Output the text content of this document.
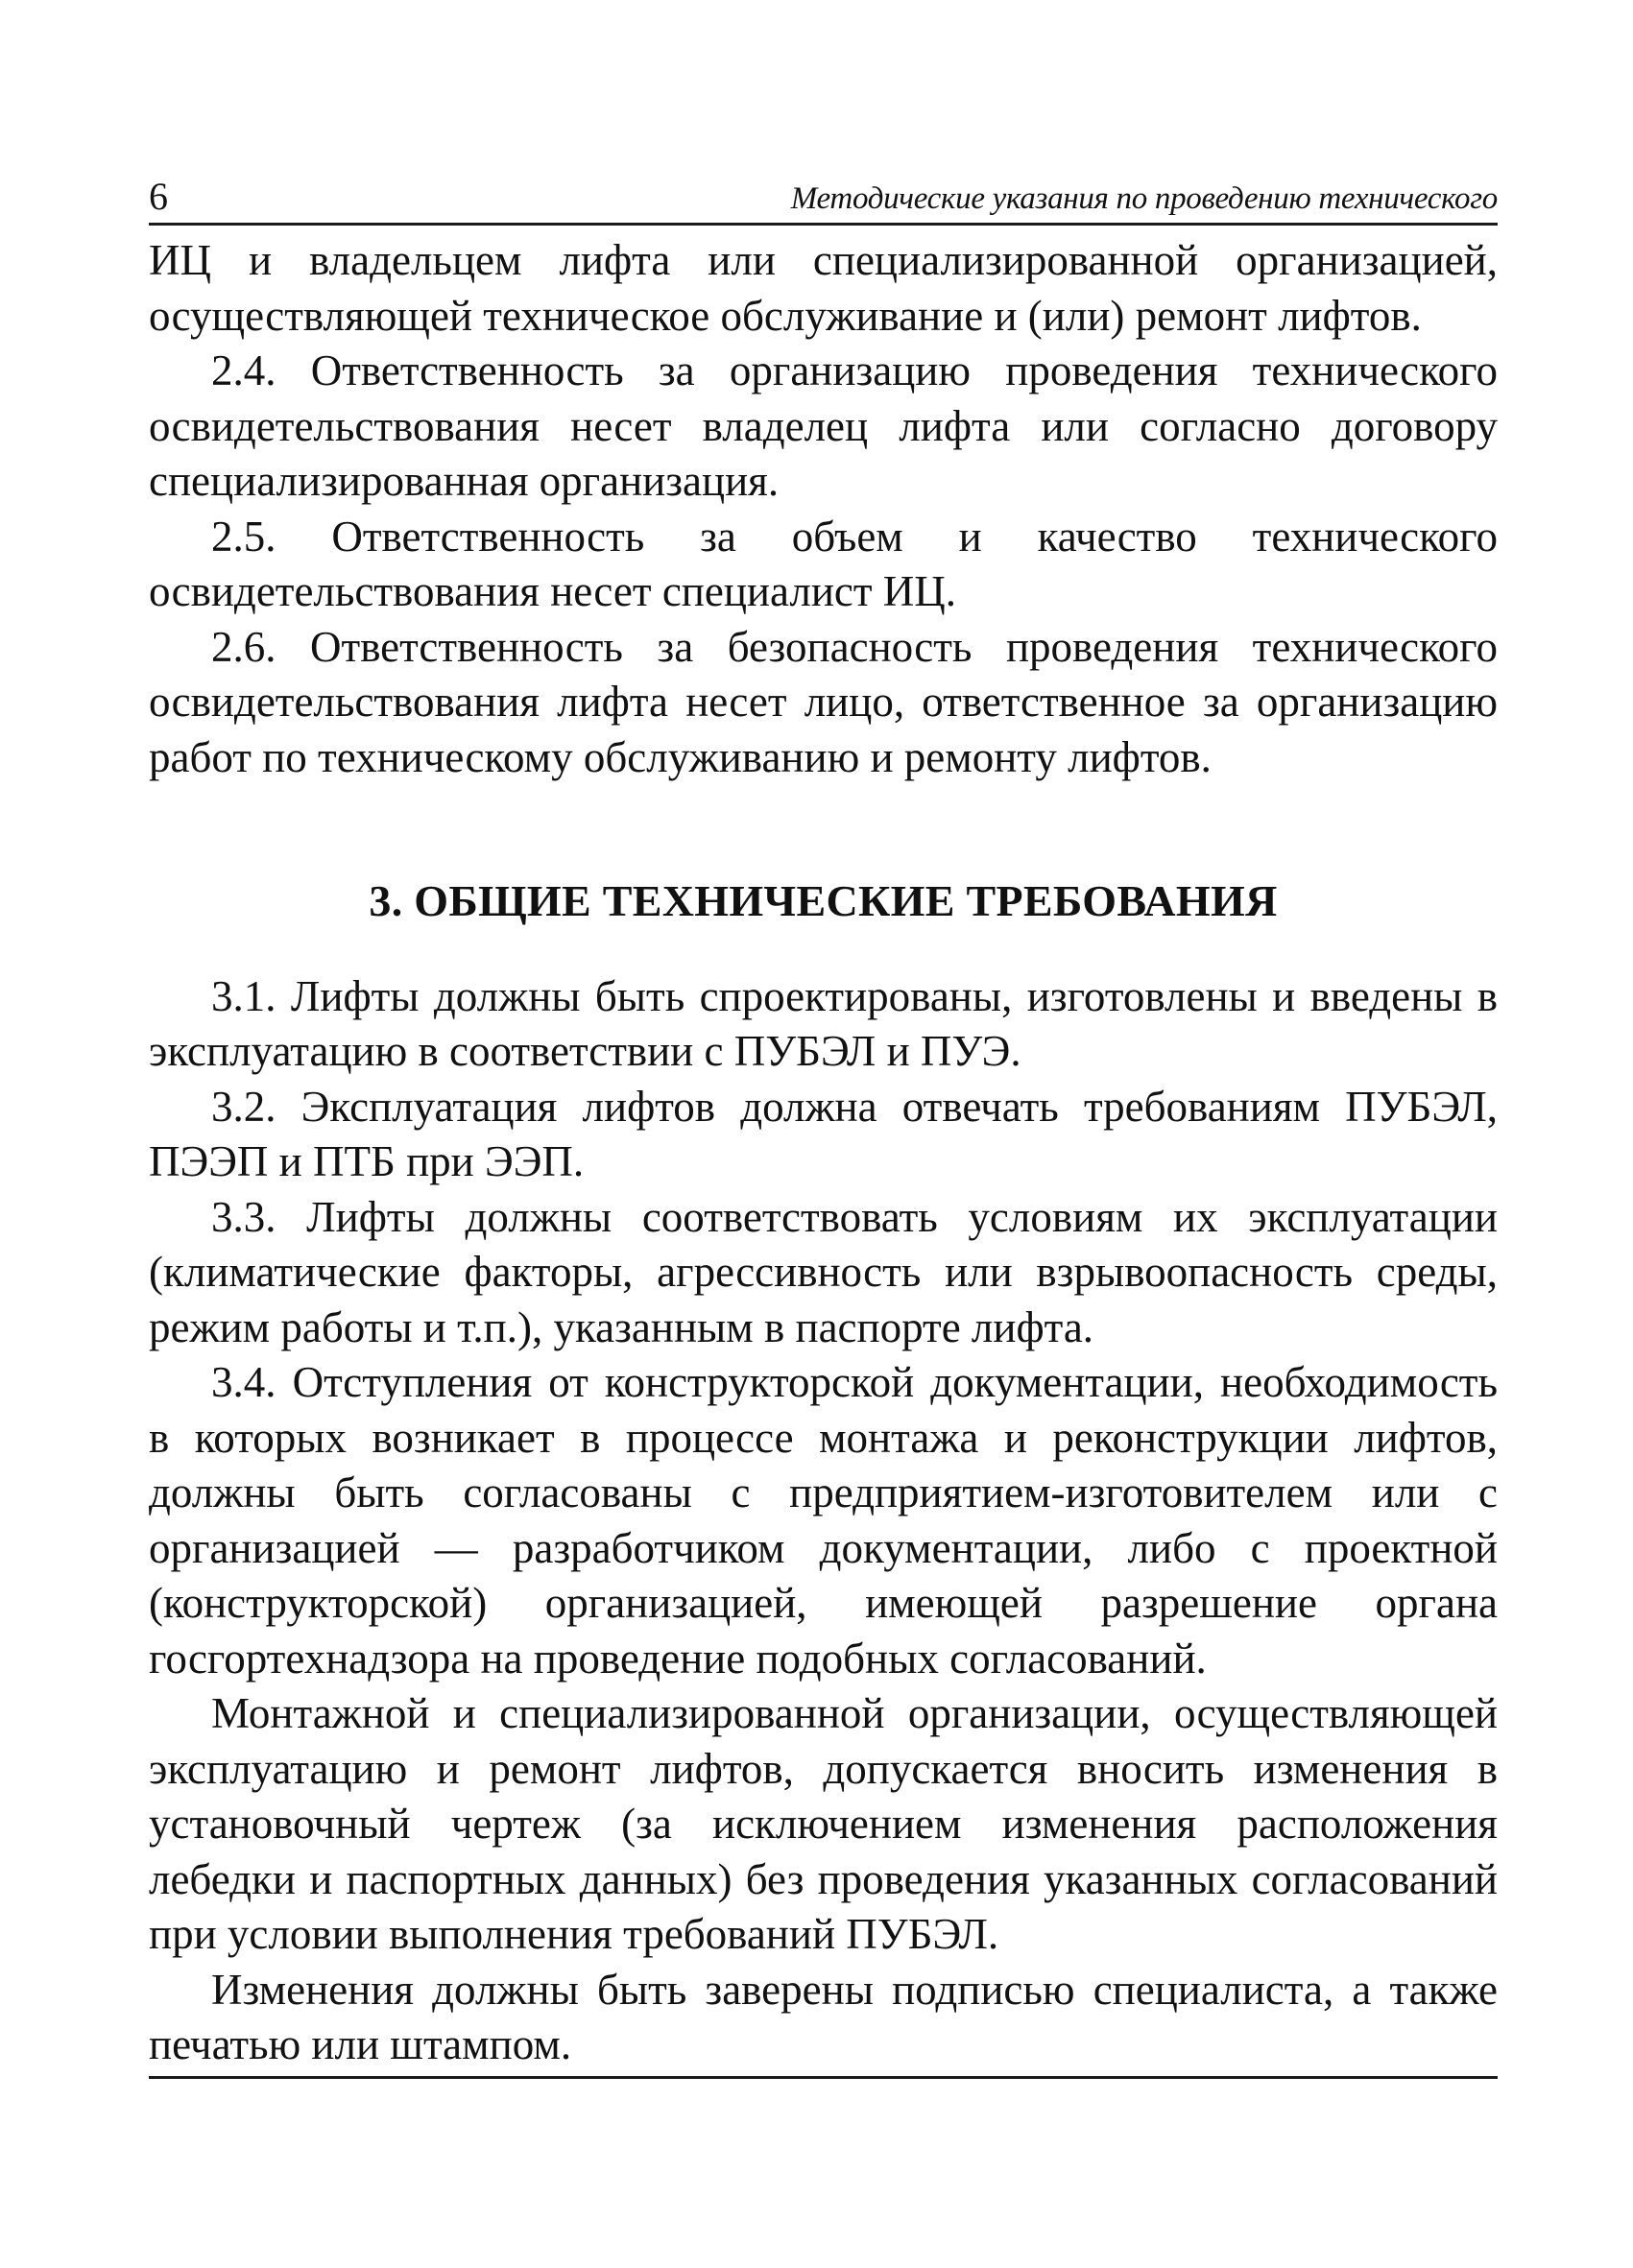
6	Методические указания по проведению технического

ИЦ и владельцем лифта или специализированной организацией, осуществляющей техническое обслуживание и (или) ремонт лифтов.

2.4. Ответственность за организацию проведения технического освидетельствования несет владелец лифта или согласно договору специализированная организация.

2.5. Ответственность за объем и качество технического освидетельствования несет специалист ИЦ.

2.6. Ответственность за безопасность проведения технического освидетельствования лифта несет лицо, ответственное за организацию работ по техническому обслуживанию и ремонту лифтов.

3. ОБЩИЕ ТЕХНИЧЕСКИЕ ТРЕБОВАНИЯ

3.1. Лифты должны быть спроектированы, изготовлены и введены в эксплуатацию в соответствии с ПУБЭЛ и ПУЭ.

3.2. Эксплуатация лифтов должна отвечать требованиям ПУБЭЛ, ПЭЭП и ПТБ при ЭЭП.

3.3. Лифты должны соответствовать условиям их эксплуатации (климатические факторы, агрессивность или взрывоопасность среды, режим работы и т.п.), указанным в паспорте лифта.

3.4. Отступления от конструкторской документации, необходимость в которых возникает в процессе монтажа и реконструкции лифтов, должны быть согласованы с предприятием-изготовителем или с организацией — разработчиком документации, либо с проектной (конструкторской) организацией, имеющей разрешение органа госгортехнадзора на проведение подобных согласований.

Монтажной и специализированной организации, осуществляющей эксплуатацию и ремонт лифтов, допускается вносить изменения в установочный чертеж (за исключением изменения расположения лебедки и паспортных данных) без проведения указанных согласований при условии выполнения требований ПУБЭЛ.

Изменения должны быть заверены подписью специалиста, а также печатью или штампом.
